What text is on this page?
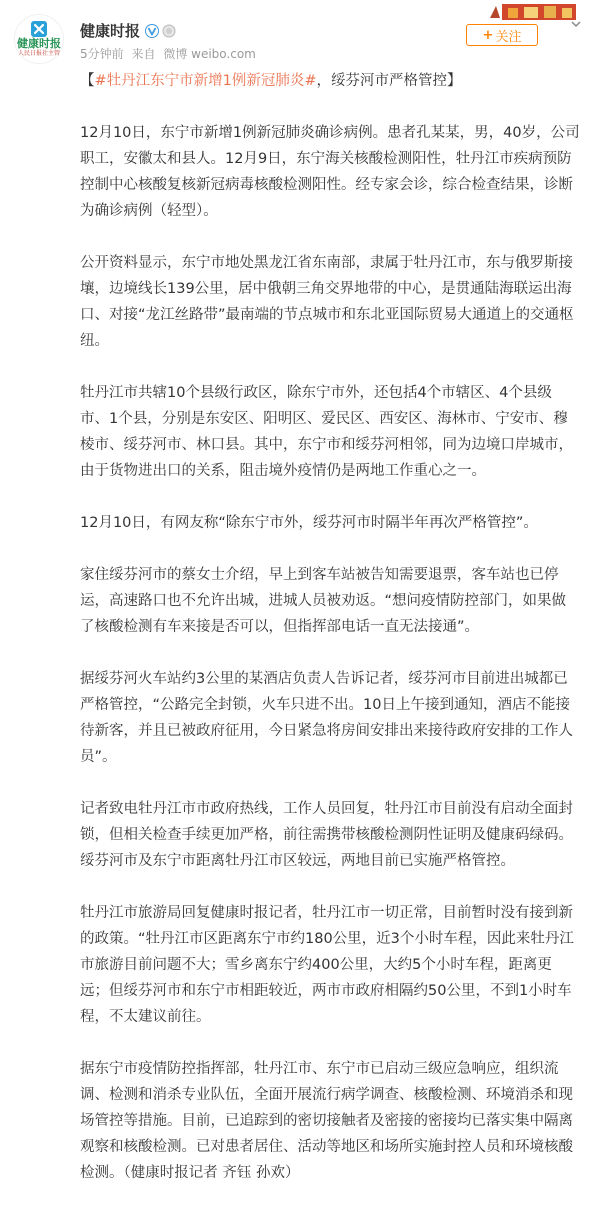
健康时报
人民日报社主管
健康时报
5分钟前 来自 微博 weibo.com
+ 关注
【#牡丹江东宁市新增1例新冠肺炎#，绥芬河市严格管控】

12月10日，东宁市新增1例新冠肺炎确诊病例。患者孔某某，男，40岁，公司职工，安徽太和县人。12月9日，东宁海关核酸检测阳性，牡丹江市疾病预防控制中心核酸复核新冠病毒核酸检测阳性。经专家会诊，综合检查结果，诊断为确诊病例（轻型）。

公开资料显示，东宁市地处黑龙江省东南部，隶属于牡丹江市，东与俄罗斯接壤，边境线长139公里，居中俄朝三角交界地带的中心，是贯通陆海联运出海口、对接“龙江丝路带”最南端的节点城市和东北亚国际贸易大通道上的交通枢纽。

牡丹江市共辖10个县级行政区，除东宁市外，还包括4个市辖区、4个县级市、1个县，分别是东安区、阳明区、爱民区、西安区、海林市、宁安市、穆棱市、绥芬河市、林口县。其中，东宁市和绥芬河相邻，同为边境口岸城市，由于货物进出口的关系，阻击境外疫情仍是两地工作重心之一。

12月10日，有网友称“除东宁市外，绥芬河市时隔半年再次严格管控”。

家住绥芬河市的蔡女士介绍，早上到客车站被告知需要退票，客车站也已停运，高速路口也不允许出城，进城人员被劝返。“想问疫情防控部门，如果做了核酸检测有车来接是否可以，但指挥部电话一直无法接通”。

据绥芬河火车站约3公里的某酒店负责人告诉记者，绥芬河市目前进出城都已严格管控，“公路完全封锁，火车只进不出。10日上午接到通知，酒店不能接待新客，并且已被政府征用，今日紧急将房间安排出来接待政府安排的工作人员”。

记者致电牡丹江市市政府热线，工作人员回复，牡丹江市目前没有启动全面封锁，但相关检查手续更加严格，前往需携带核酸检测阴性证明及健康码绿码。绥芬河市及东宁市距离牡丹江市区较远，两地目前已实施严格管控。

牡丹江市旅游局回复健康时报记者，牡丹江市一切正常，目前暂时没有接到新的政策。“牡丹江市区距离东宁市约180公里，近3个小时车程，因此来牡丹江市旅游目前问题不大；雪乡离东宁约400公里，大约5个小时车程，距离更远；但绥芬河市和东宁市相距较近，两市市政府相隔约50公里，不到1小时车程，不太建议前往。

据东宁市疫情防控指挥部，牡丹江市、东宁市已启动三级应急响应，组织流调、检测和消杀专业队伍，全面开展流行病学调查、核酸检测、环境消杀和现场管控等措施。目前，已追踪到的密切接触者及密接的密接均已落实集中隔离观察和核酸检测。已对患者居住、活动等地区和场所实施封控人员和环境核酸检测。（健康时报记者 齐钰 孙欢）
